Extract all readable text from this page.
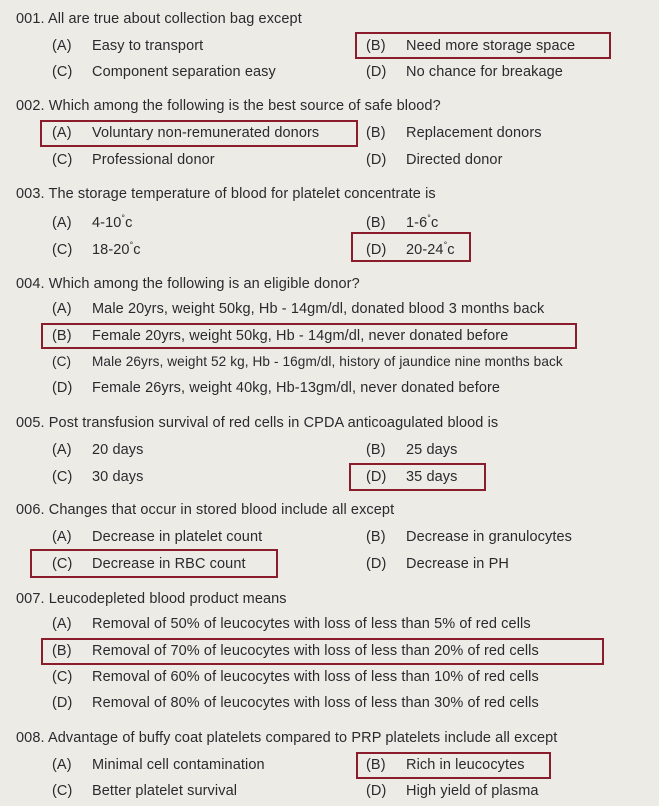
001. All are true about collection bag except
(A) Easy to transport	(B) Need more storage space
(C) Component separation easy	(D) No chance for breakage
002. Which among the following is the best source of safe blood?
(A) Voluntary non-remunerated donors	(B) Replacement donors
(C) Professional donor	(D) Directed donor
003. The storage temperature of blood for platelet concentrate is
(A) 4-10°c	(B) 1-6°c
(C) 18-20°c	(D) 20-24°c
004. Which among the following is an eligible donor?
(A) Male 20yrs, weight 50kg, Hb - 14gm/dl, donated blood 3 months back
(B) Female 20yrs, weight 50kg, Hb - 14gm/dl, never donated before
(C) Male 26yrs, weight 52 kg, Hb - 16gm/dl, history of jaundice nine months back
(D) Female 26yrs, weight 40kg, Hb-13gm/dl, never donated before
005. Post transfusion survival of red cells in CPDA anticoagulated blood is
(A) 20 days	(B) 25 days
(C) 30 days	(D) 35 days
006. Changes that occur in stored blood include all except
(A) Decrease in platelet count	(B) Decrease in granulocytes
(C) Decrease in RBC count	(D) Decrease in PH
007. Leucodepleted blood product means
(A) Removal of 50% of leucocytes with loss of less than 5% of red cells
(B) Removal of 70% of leucocytes with loss of less than 20% of red cells
(C) Removal of 60% of leucocytes with loss of less than 10% of red cells
(D) Removal of 80% of leucocytes with loss of less than 30% of red cells
008. Advantage of buffy coat platelets compared to PRP platelets include all except
(A) Minimal cell contamination	(B) Rich in leucocytes
(C) Better platelet survival	(D) High yield of plasma
